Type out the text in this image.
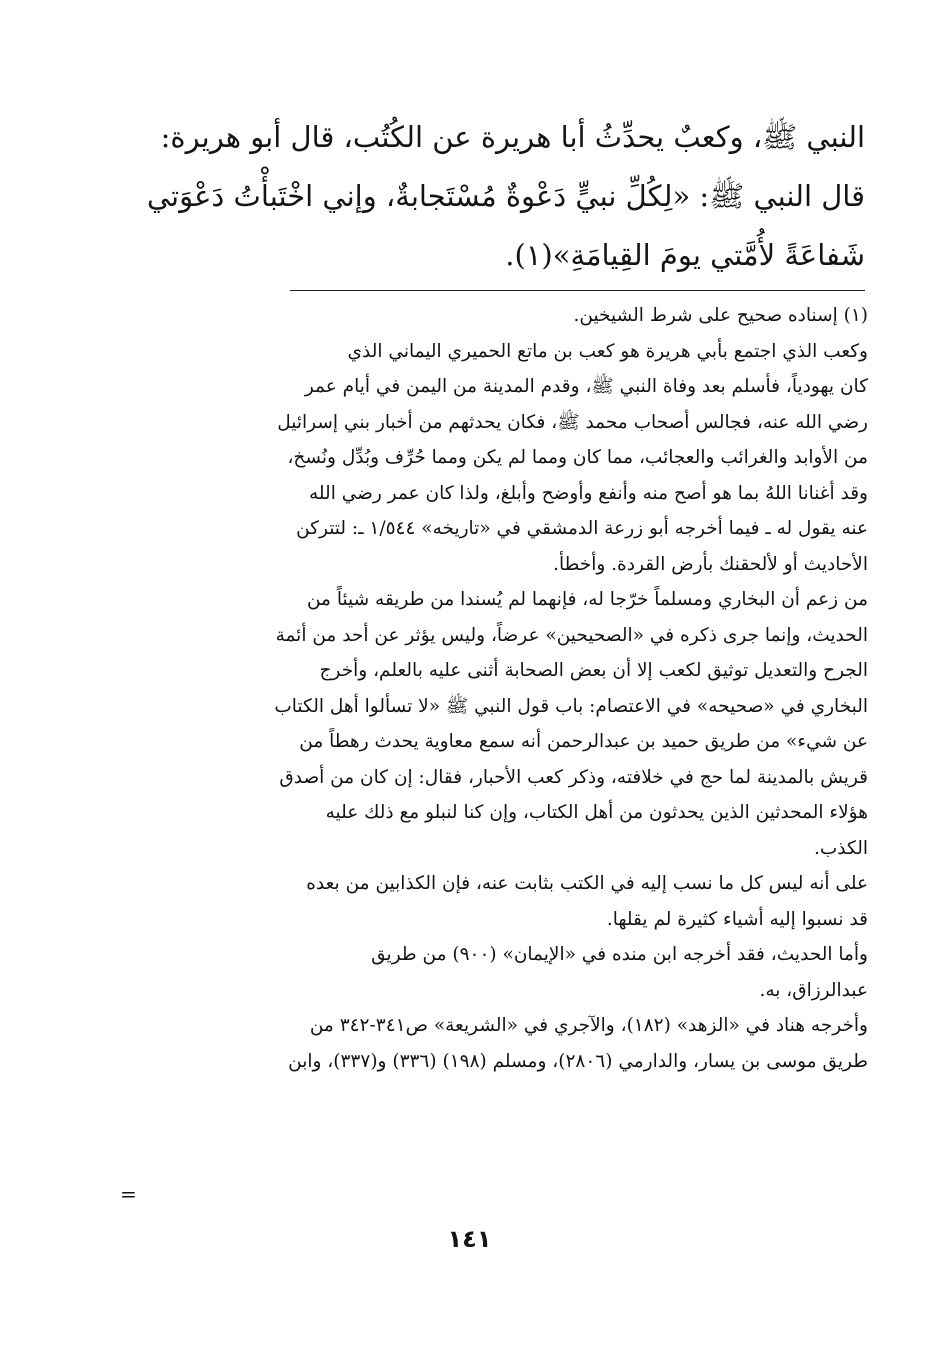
النبي ﷺ، وكعبٌ يحدِّثُ أبا هريرة عن الكُتُب، قال أبو هريرة:
قال النبي ﷺ: «لِكُلِّ نبيٍّ دَعْوةٌ مُسْتَجابةٌ، وإني اخْتَبأْتُ دَعْوَتي
شَفاعَةً لأُمَّتي يومَ القِيامَةِ»(١).
(١) إسناده صحيح على شرط الشيخين.
وكعب الذي اجتمع بأبي هريرة هو كعب بن ماتع الحميري اليماني الذي
كان يهودياً، فأسلم بعد وفاة النبي ﷺ، وقدم المدينة من اليمن في أيام عمر
رضي الله عنه، فجالس أصحاب محمد ﷺ، فكان يحدثهم من أخبار بني إسرائيل
من الأوابد والغرائب والعجائب، مما كان ومما لم يكن ومما حُرِّف وبُدِّل ونُسخ،
وقد أغنانا اللهُ بما هو أصح منه وأنفع وأوضح وأبلغ، ولذا كان عمر رضي الله
عنه يقول له ـ فيما أخرجه أبو زرعة الدمشقي في «تاريخه» ١/٥٤٤ ـ: لتتركن
الأحاديث أو لألحقنك بأرض القردة. وأخطأ.
من زعم أن البخاري ومسلماً خرّجا له، فإنهما لم يُسندا من طريقه شيئاً من
الحديث، وإنما جرى ذكره في «الصحيحين» عرضاً، وليس يؤثر عن أحد من أئمة
الجرح والتعديل توثيق لكعب إلا أن بعض الصحابة أثنى عليه بالعلم، وأخرج
البخاري في «صحيحه» في الاعتصام: باب قول النبي ﷺ «لا تسألوا أهل الكتاب
عن شيء» من طريق حميد بن عبدالرحمن أنه سمع معاوية يحدث رهطاً من
قريش بالمدينة لما حج في خلافته، وذكر كعب الأحبار، فقال: إن كان من أصدق
هؤلاء المحدثين الذين يحدثون من أهل الكتاب، وإن كنا لنبلو مع ذلك عليه
الكذب.
على أنه ليس كل ما نسب إليه في الكتب بثابت عنه، فإن الكذابين من بعده
قد نسبوا إليه أشياء كثيرة لم يقلها.
وأما الحديث، فقد أخرجه ابن منده في «الإيمان» (٩٠٠) من طريق
عبدالرزاق، به.
وأخرجه هناد في «الزهد» (١٨٢)، والآجري في «الشريعة» ص٣٤١-٣٤٢ من
طريق موسى بن يسار، والدارمي (٢٨٠٦)، ومسلم (١٩٨) (٣٣٦) و(٣٣٧)، وابن
=
١٤١
